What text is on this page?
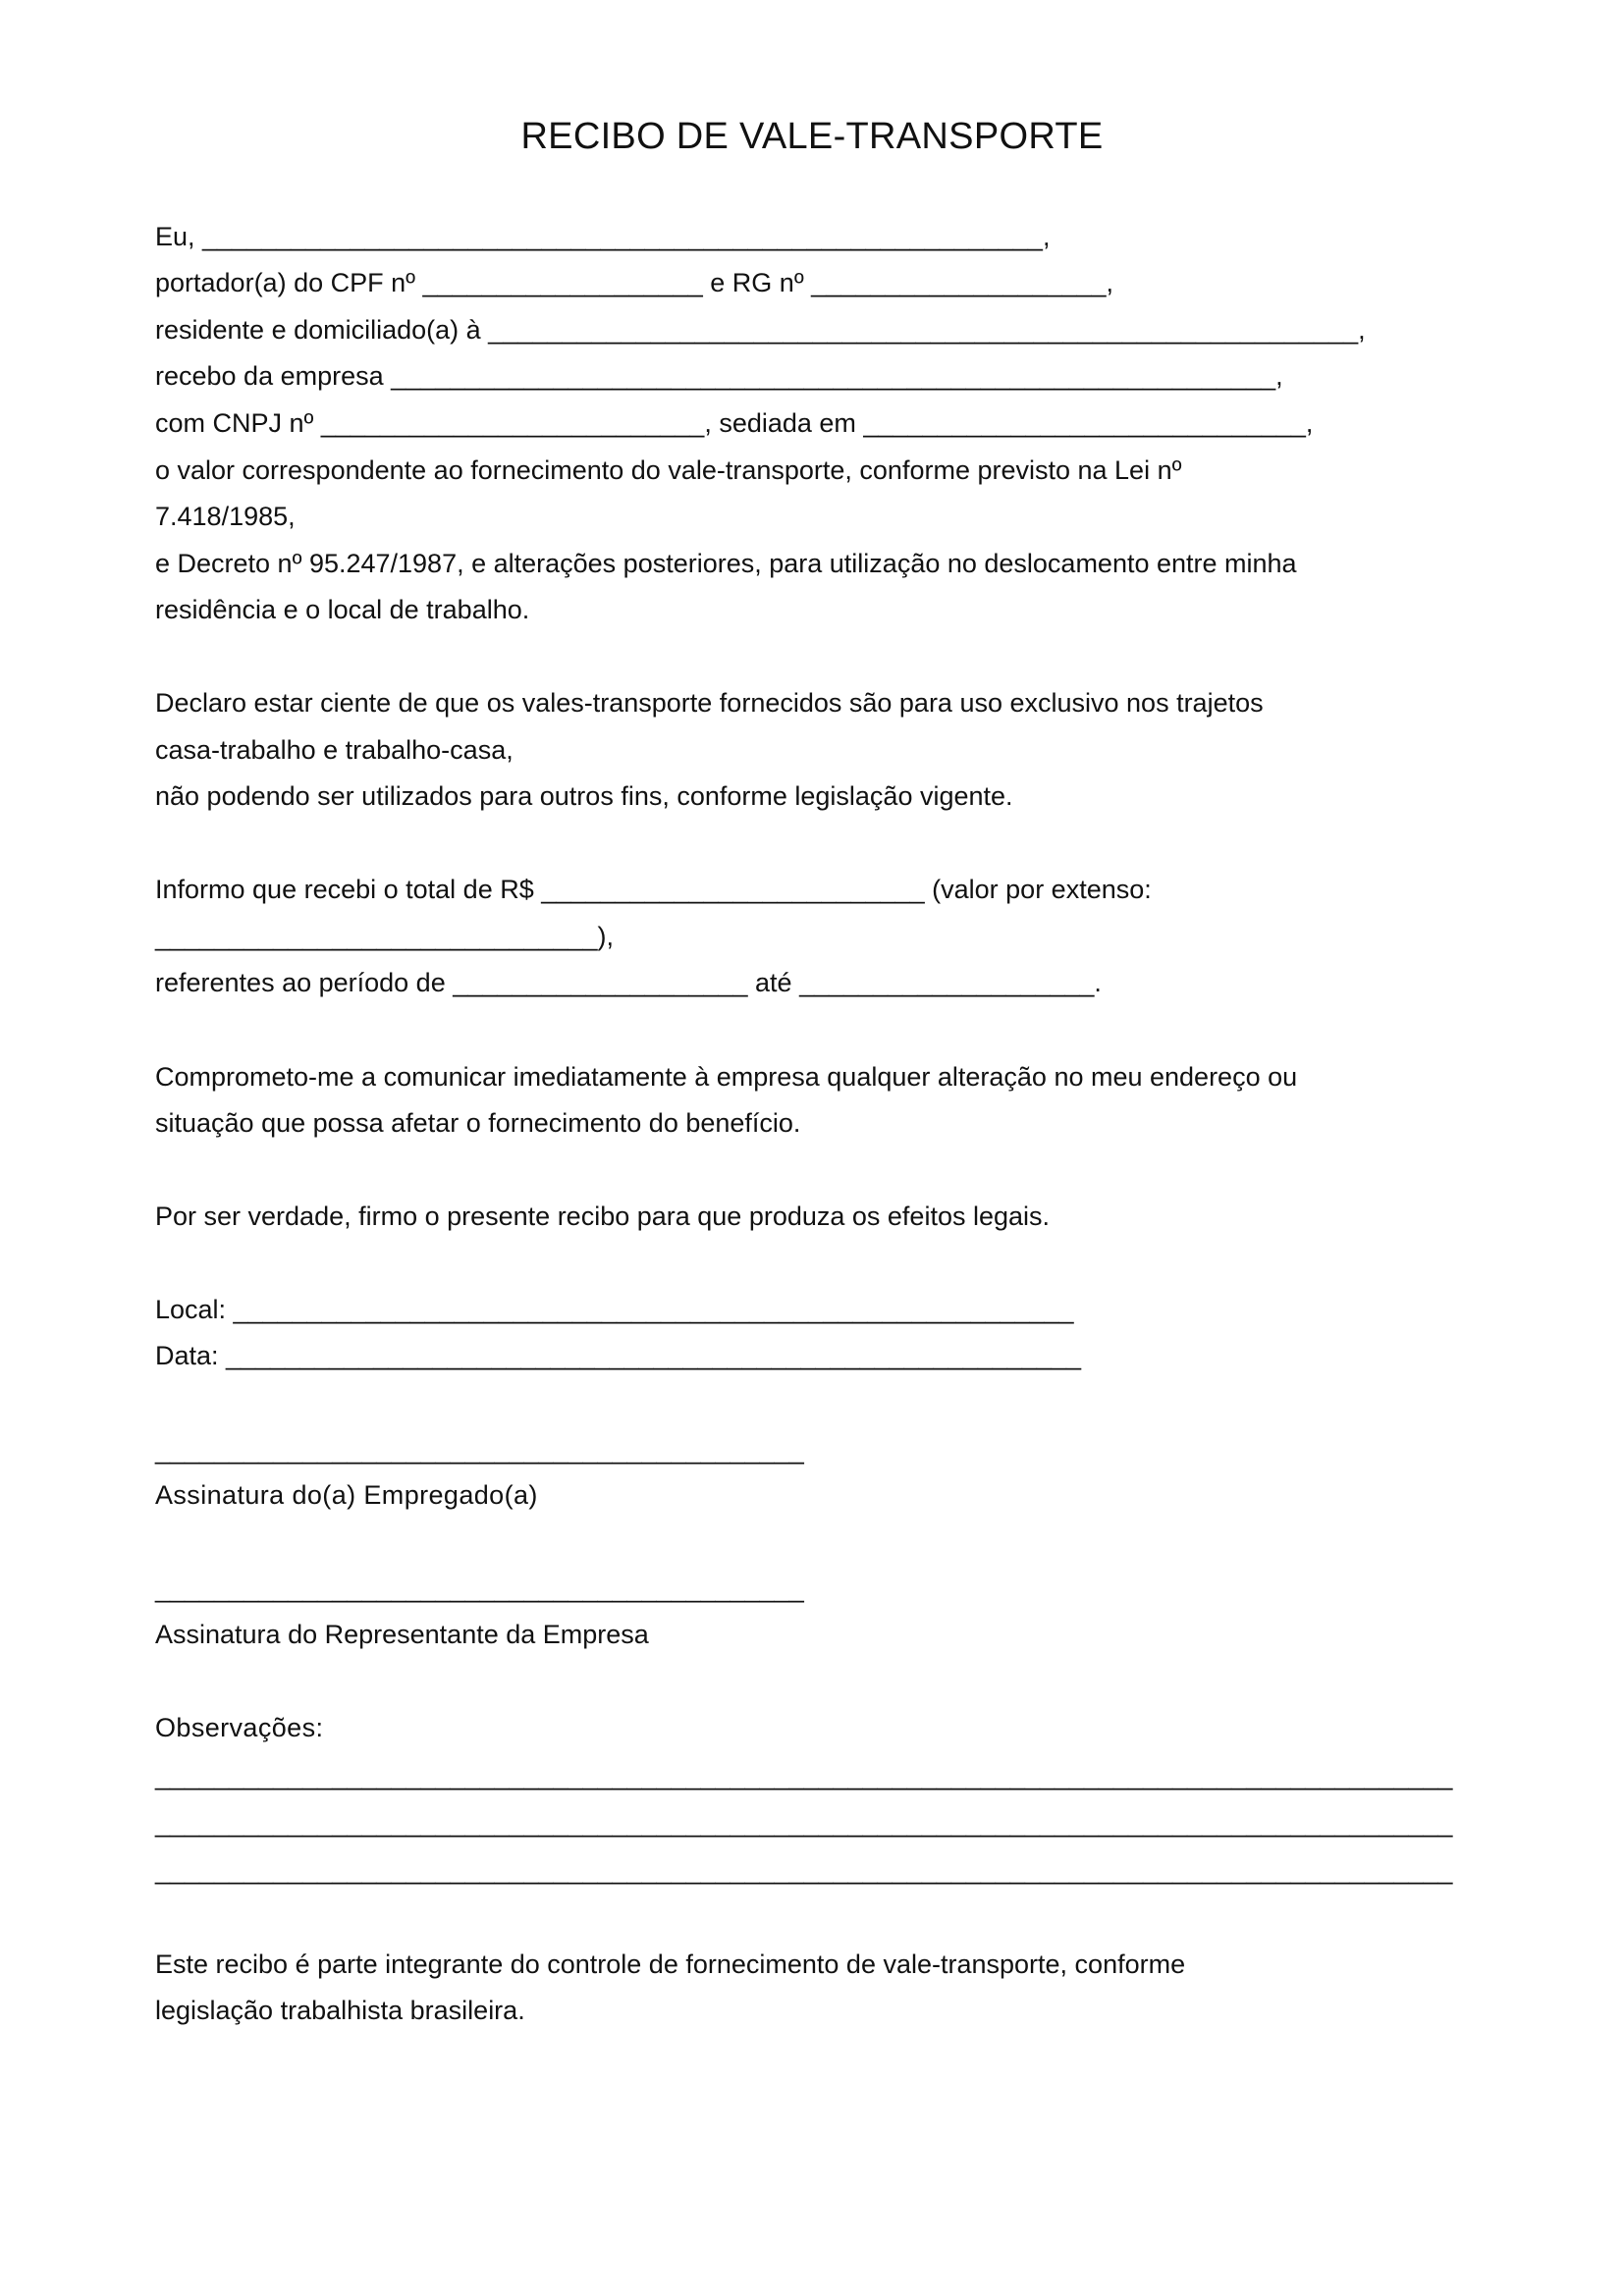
RECIBO DE VALE-TRANSPORTE
Eu, _________________________________________________________,
portador(a) do CPF nº ___________________ e RG nº ____________________,
residente e domiciliado(a) à ___________________________________________________________,
recebo da empresa ____________________________________________________________,
com CNPJ nº __________________________, sediada em ______________________________,
o valor correspondente ao fornecimento do vale-transporte, conforme previsto na Lei nº
7.418/1985,
e Decreto nº 95.247/1987, e alterações posteriores, para utilização no deslocamento entre minha
residência e o local de trabalho.
Declaro estar ciente de que os vales-transporte fornecidos são para uso exclusivo nos trajetos
casa-trabalho e trabalho-casa,
não podendo ser utilizados para outros fins, conforme legislação vigente.
Informo que recebi o total de R$ __________________________ (valor por extenso:
______________________________),
referentes ao período de ____________________ até ____________________.
Comprometo-me a comunicar imediatamente à empresa qualquer alteração no meu endereço ou
situação que possa afetar o fornecimento do benefício.
Por ser verdade, firmo o presente recibo para que produza os efeitos legais.
Local: _________________________________________________________
Data: __________________________________________________________
____________________________________________
Assinatura do(a) Empregado(a)
____________________________________________
Assinatura do Representante da Empresa
Observações:
________________________________________________________________________________________
________________________________________________________________________________________
________________________________________________________________________________________
Este recibo é parte integrante do controle de fornecimento de vale-transporte, conforme
legislação trabalhista brasileira.
